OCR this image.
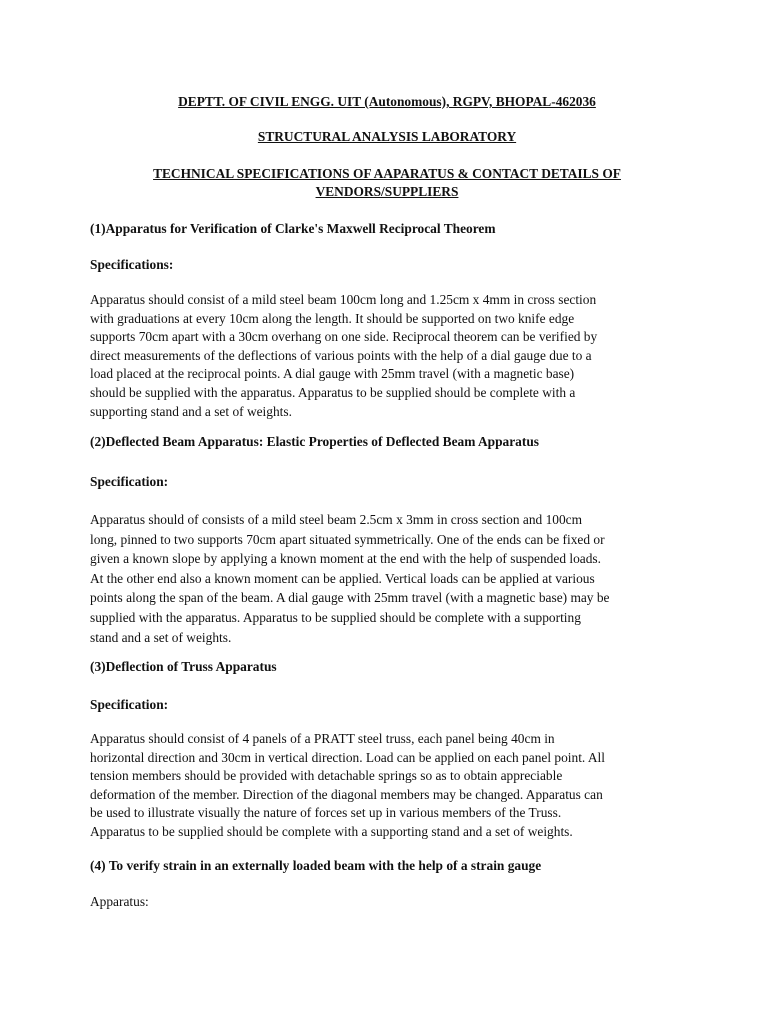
DEPTT. OF CIVIL ENGG. UIT (Autonomous), RGPV, BHOPAL-462036

STRUCTURAL ANALYSIS LABORATORY

TECHNICAL SPECIFICATIONS OF AAPARATUS & CONTACT DETAILS OF
VENDORS/SUPPLIERS

(1)Apparatus for Verification of Clarke's Maxwell Reciprocal Theorem

Specifications:

Apparatus should consist of a mild steel beam 100cm long and 1.25cm x 4mm in cross section
with graduations at every 10cm along the length. It should be supported on two knife edge
supports 70cm apart with a 30cm overhang on one side. Reciprocal theorem can be verified by
direct measurements of the deflections of various points with the help of a dial gauge due to a
load placed at the reciprocal points. A dial gauge with 25mm travel (with a magnetic base)
should be supplied with the apparatus. Apparatus to be supplied should be complete with a
supporting stand and a set of weights.

(2)Deflected Beam Apparatus: Elastic Properties of Deflected Beam Apparatus

Specification:

Apparatus should of consists of a mild steel beam 2.5cm x 3mm in cross section and 100cm
long, pinned to two supports 70cm apart situated symmetrically. One of the ends can be fixed or
given a known slope by applying a known moment at the end with the help of suspended loads.
At the other end also a known moment can be applied. Vertical loads can be applied at various
points along the span of the beam. A dial gauge with 25mm travel (with a magnetic base) may be
supplied with the apparatus. Apparatus to be supplied should be complete with a supporting
stand and a set of weights.

(3)Deflection of Truss Apparatus

Specification:

Apparatus should consist of 4 panels of a PRATT steel truss, each panel being 40cm in
horizontal direction and 30cm in vertical direction. Load can be applied on each panel point. All
tension members should be provided with detachable springs so as to obtain appreciable
deformation of the member. Direction of the diagonal members may be changed. Apparatus can
be used to illustrate visually the nature of forces set up in various members of the Truss.
Apparatus to be supplied should be complete with a supporting stand and a set of weights.

(4) To verify strain in an externally loaded beam with the help of a strain gauge

Apparatus:
